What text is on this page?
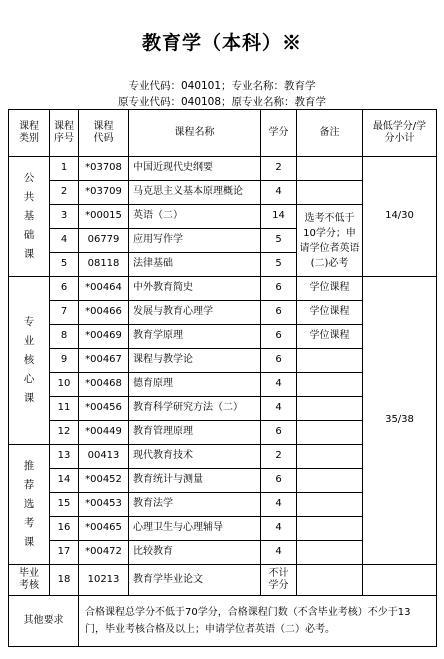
教育学（本科）※
专业代码：040101；专业名称：教育学
原专业代码：040108；原专业名称：教育学
课程类别	课程序号	课程代码	课程名称	学分	备注	最低学分/学分小计

公共基础课	1	*03708	中国近现代史纲要	2		14/30
	2	*03709	马克思主义基本原理概论	4		
	3	*00015	英语（二）	14	选考不低于10学分；申请学位者英语(二)必考	
	4	06779	应用写作学	5		
	5	08118	法律基础	5		

专业核心课	6	*00464	中外教育简史	6	学位课程	35/38
	7	*00466	发展与教育心理学	6	学位课程	
	8	*00469	教育学原理	6	学位课程	
	9	*00467	课程与教学论	6		
	10	*00468	德育原理	4		
	11	*00456	教育科学研究方法（二）	4		
	12	*00449	教育管理原理	6		

推荐选考课	13	00413	现代教育技术	2		
	14	*00452	教育统计与测量	6		
	15	*00453	教育法学	4		
	16	*00465	心理卫生与心理辅导	4		
	17	*00472	比较教育	4		

毕业考核	18	10213	教育学毕业论文	不计学分		

其他要求		合格课程总学分不低于70学分，合格课程门数（不含毕业考核）不少于13门，毕业考核合格及以上；申请学位者英语（二）必考。				
